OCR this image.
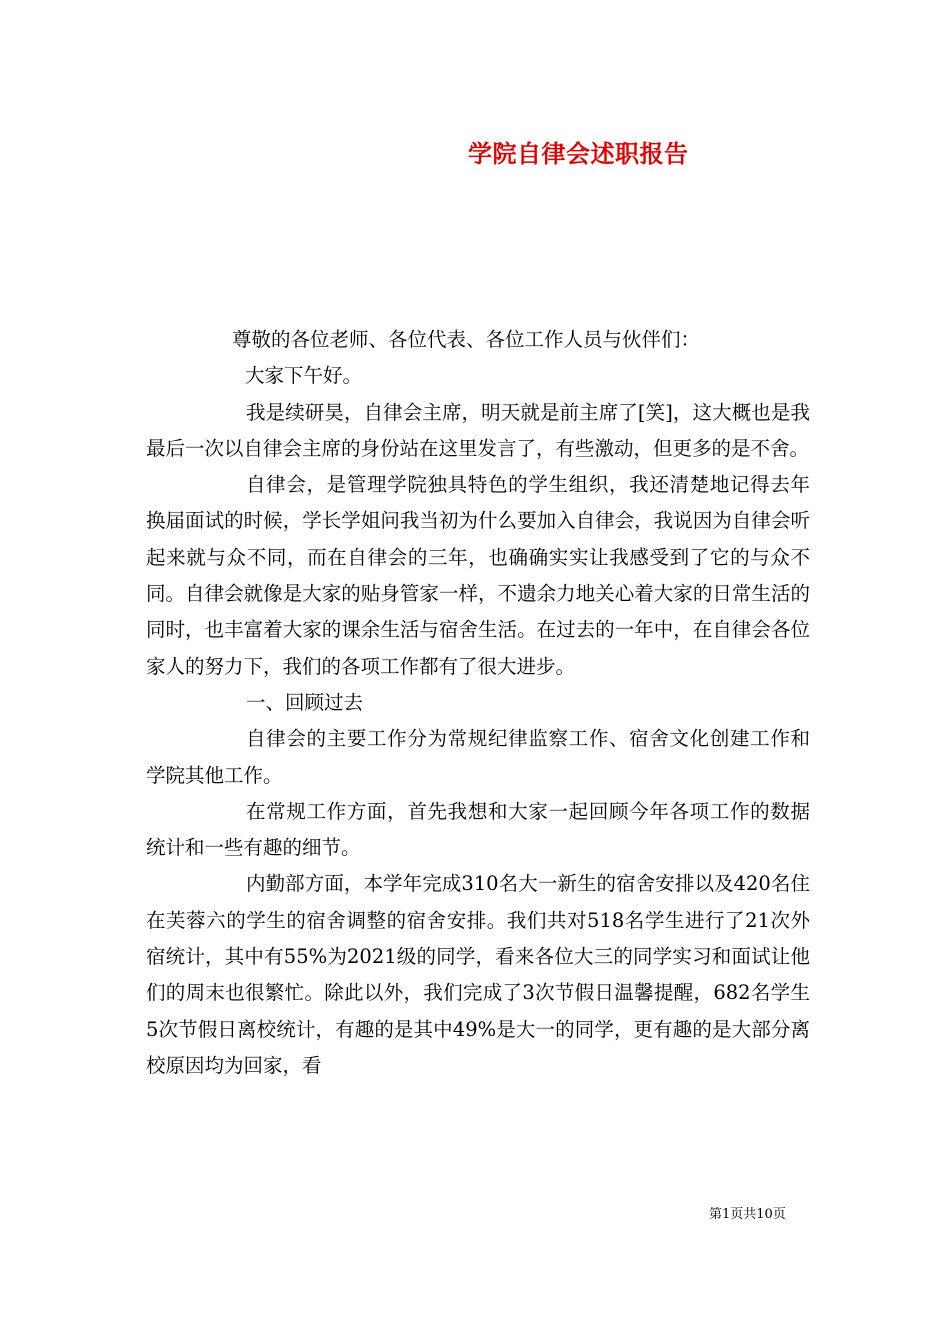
学院自律会述职报告

尊敬的各位老师、各位代表、各位工作人员与伙伴们：

大家下午好。

我是续研昊，自律会主席，明天就是前主席了[笑]，这大概也是我最后一次以自律会主席的身份站在这里发言了，有些激动，但更多的是不舍。

自律会，是管理学院独具特色的学生组织，我还清楚地记得去年换届面试的时候，学长学姐问我当初为什么要加入自律会，我说因为自律会听起来就与众不同，而在自律会的三年，也确确实实让我感受到了它的与众不同。自律会就像是大家的贴身管家一样，不遗余力地关心着大家的日常生活的同时，也丰富着大家的课余生活与宿舍生活。在过去的一年中，在自律会各位家人的努力下，我们的各项工作都有了很大进步。

一、回顾过去

自律会的主要工作分为常规纪律监察工作、宿舍文化创建工作和学院其他工作。

在常规工作方面，首先我想和大家一起回顾今年各项工作的数据统计和一些有趣的细节。

内勤部方面，本学年完成310名大一新生的宿舍安排以及420名住在芙蓉六的学生的宿舍调整的宿舍安排。我们共对518名学生进行了21次外宿统计，其中有55%为2021级的同学，看来各位大三的同学实习和面试让他们的周末也很繁忙。除此以外，我们完成了3次节假日温馨提醒，682名学生5次节假日离校统计，有趣的是其中49%是大一的同学，更有趣的是大部分离校原因均为回家，看

第1页共10页
